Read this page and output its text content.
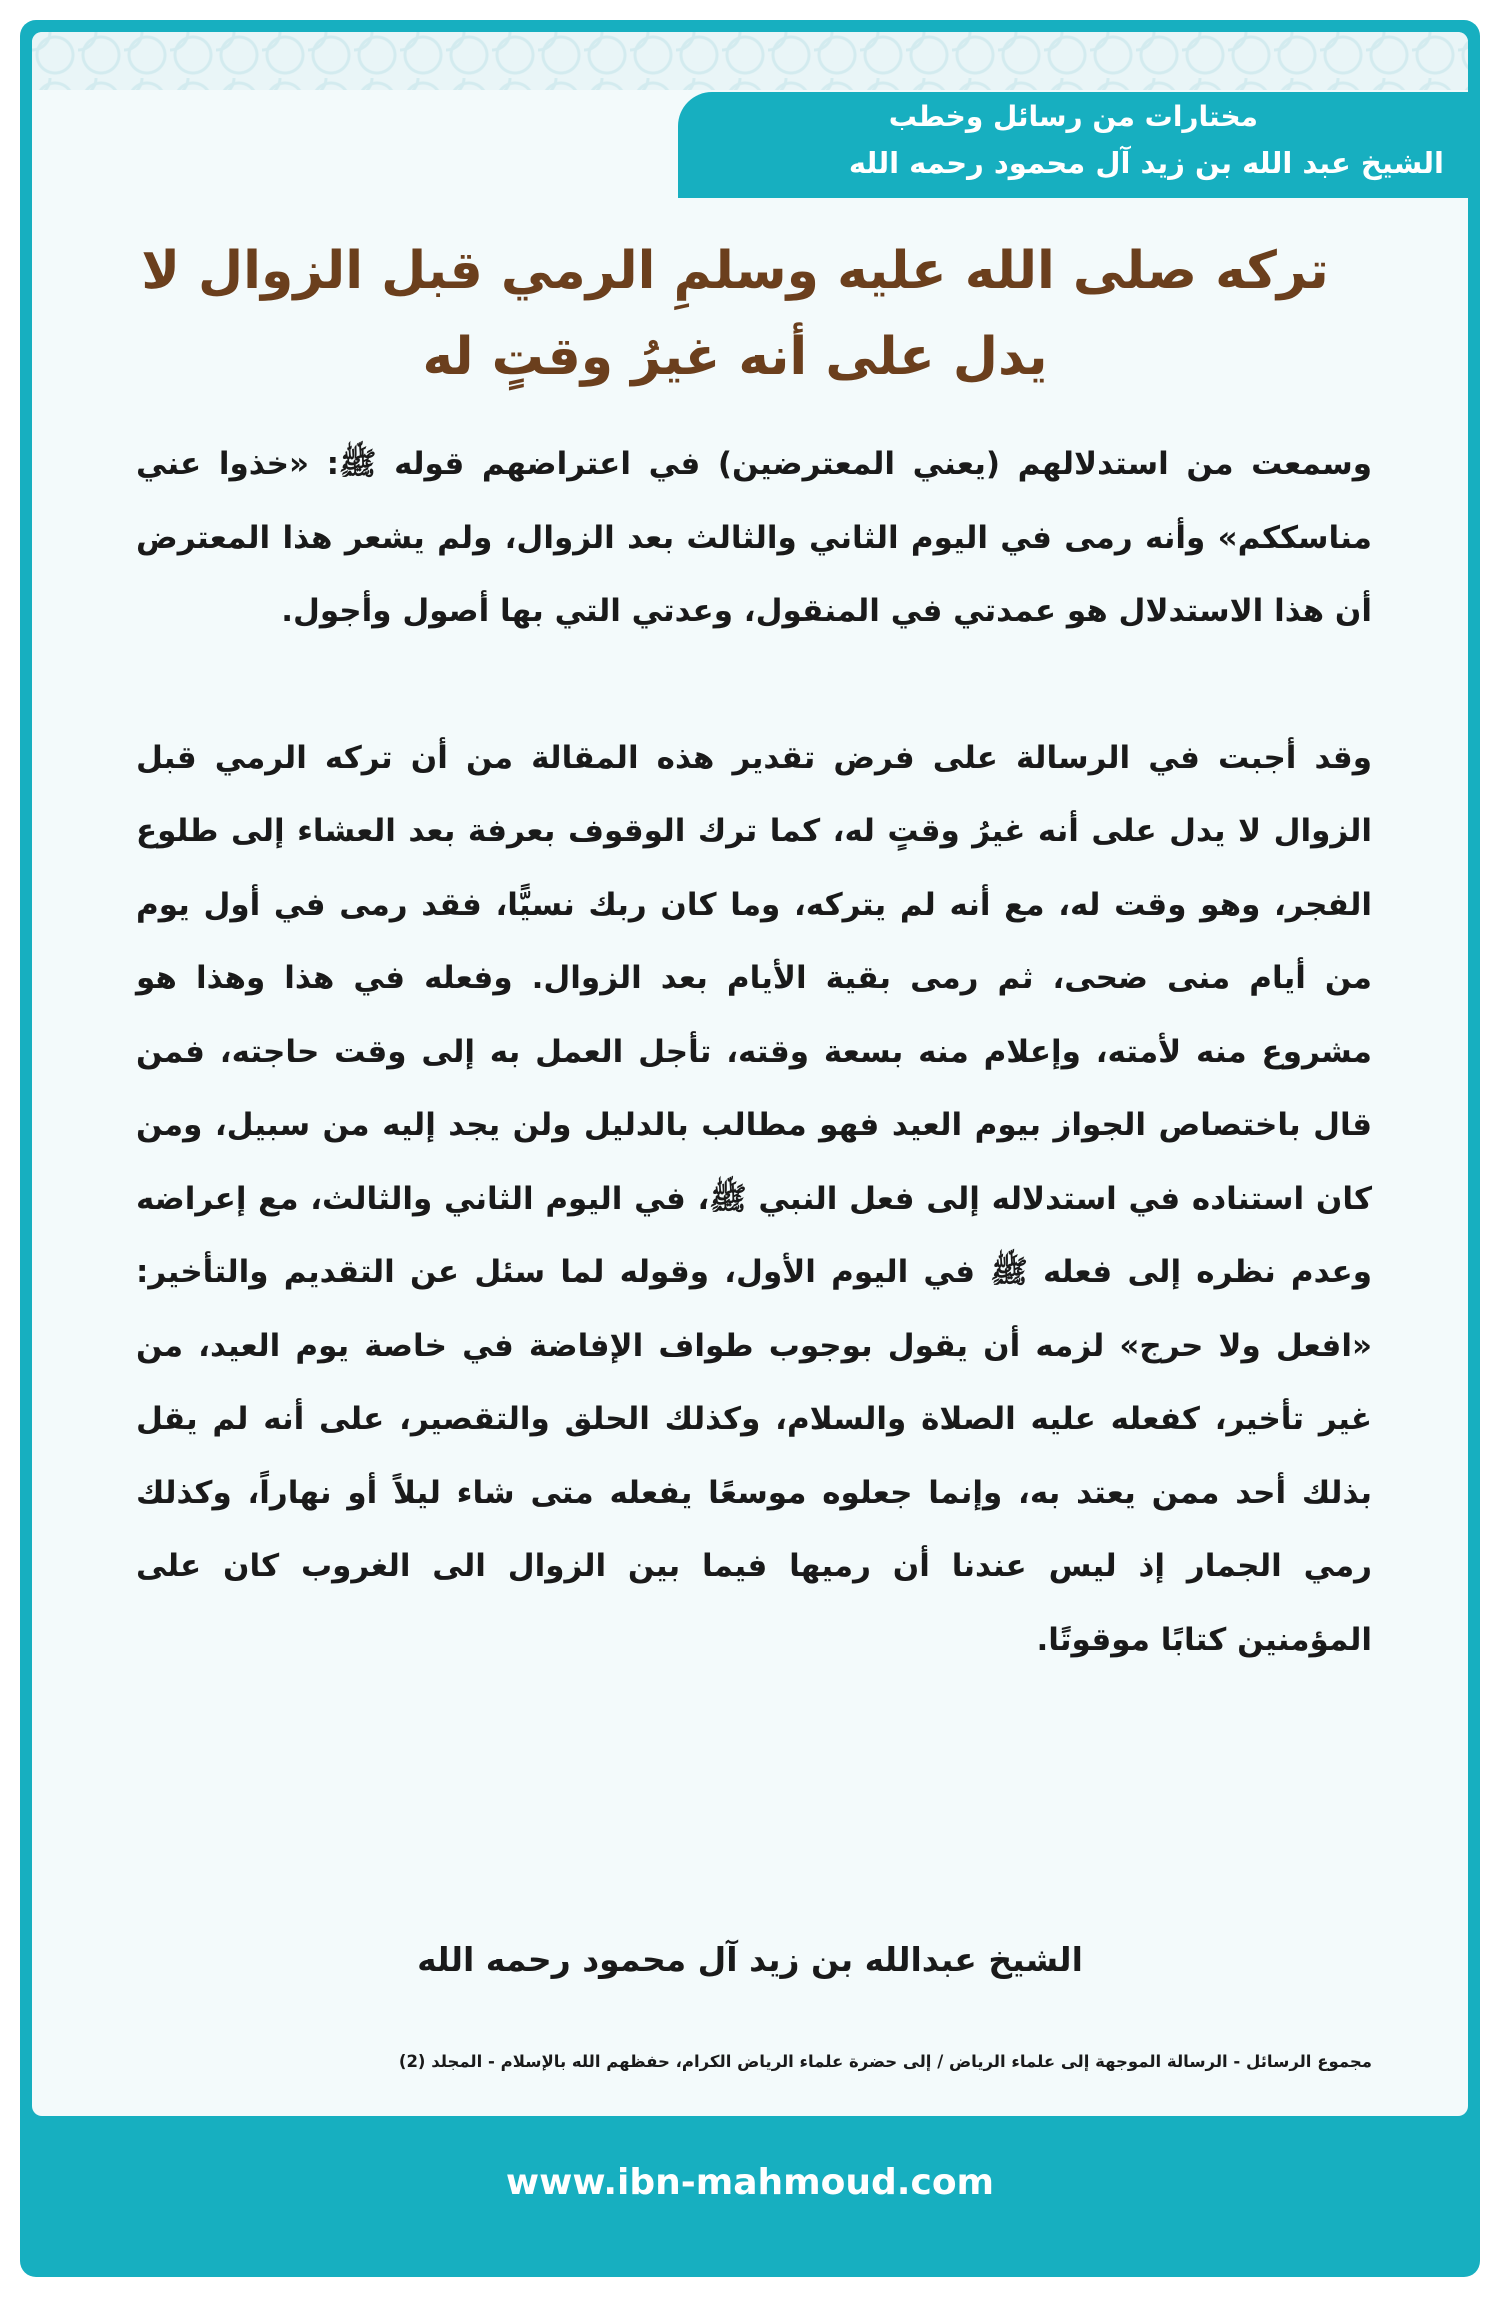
مختارات من رسائل وخطب
الشيخ عبد الله بن زيد آل محمود رحمه الله
تركه صلى الله عليه وسلمِ الرمي قبل الزوال لا يدل على أنه غيرُ وقتٍ له

وسمعت من استدلالهم (يعني المعترضين) في اعتراضهم قوله ﷺ: «خذوا عني مناسككم» وأنه رمى في اليوم الثاني والثالث بعد الزوال، ولم يشعر هذا المعترض أن هذا الاستدلال هو عمدتي في المنقول، وعدتي التي بها أصول وأجول.

وقد أجبت في الرسالة على فرض تقدير هذه المقالة من أن تركه الرمي قبل الزوال لا يدل على أنه غيرُ وقتٍ له، كما ترك الوقوف بعرفة بعد العشاء إلى طلوع الفجر، وهو وقت له، مع أنه لم يتركه، وما كان ربك نسيًّا، فقد رمى في أول يوم من أيام منى ضحى، ثم رمى بقية الأيام بعد الزوال. وفعله في هذا وهذا هو مشروع منه لأمته، وإعلام منه بسعة وقته، تأجل العمل به إلى وقت حاجته، فمن قال باختصاص الجواز بيوم العيد فهو مطالب بالدليل ولن يجد إليه من سبيل، ومن كان استناده في استدلاله إلى فعل النبي ﷺ، في اليوم الثاني والثالث، مع إعراضه وعدم نظره إلى فعله ﷺ في اليوم الأول، وقوله لما سئل عن التقديم والتأخير: «افعل ولا حرج» لزمه أن يقول بوجوب طواف الإفاضة في خاصة يوم العيد، من غير تأخير، كفعله عليه الصلاة والسلام، وكذلك الحلق والتقصير، على أنه لم يقل بذلك أحد ممن يعتد به، وإنما جعلوه موسعًا يفعله متى شاء ليلاً أو نهاراً، وكذلك رمي الجمار إذ ليس عندنا أن رميها فيما بين الزوال الى الغروب كان على المؤمنين كتابًا موقوتًا.

الشيخ عبدالله بن زيد آل محمود رحمه الله
مجموع الرسائل - الرسالة الموجهة إلى علماء الرياض / إلى حضرة علماء الرياض الكرام، حفظهم الله بالإسلام - المجلد (2)
www.ibn-mahmoud.com
